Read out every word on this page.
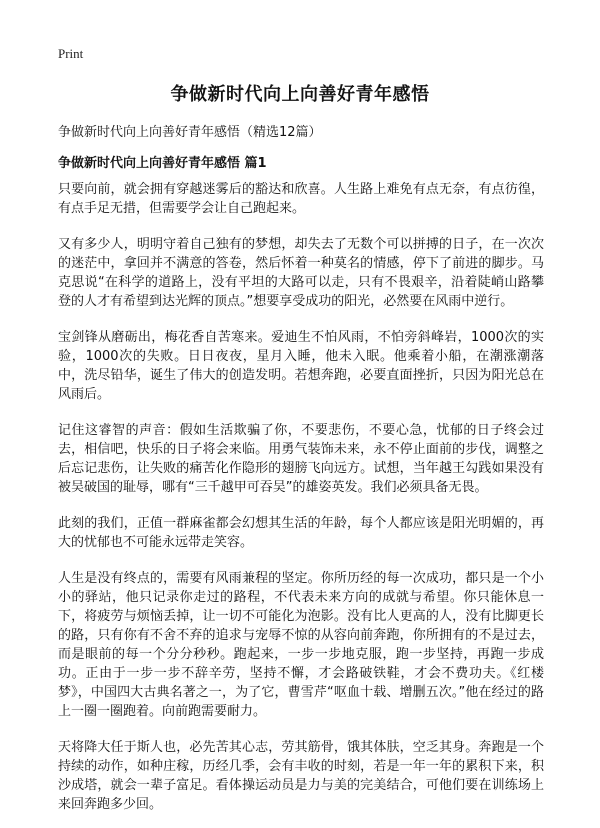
Print
争做新时代向上向善好青年感悟
争做新时代向上向善好青年感悟（精选12篇）
争做新时代向上向善好青年感悟 篇1

只要向前，就会拥有穿越迷雾后的豁达和欣喜。人生路上难免有点无奈，有点彷徨，有点手足无措，但需要学会让自己跑起来。

又有多少人，明明守着自己独有的梦想，却失去了无数个可以拼搏的日子，在一次次的迷茫中，拿回并不满意的答卷，然后怀着一种莫名的情感，停下了前进的脚步。马克思说“在科学的道路上，没有平坦的大路可以走，只有不畏艰辛，沿着陡峭山路攀登的人才有希望到达光辉的顶点。”想要享受成功的阳光，必然要在风雨中逆行。

宝剑锋从磨砺出，梅花香自苦寒来。爱迪生不怕风雨，不怕旁斜峰岩，1000次的实验，1000次的失败。日日夜夜，星月入睡，他未入眠。他乘着小船，在潮涨潮落中，洗尽铅华，诞生了伟大的创造发明。若想奔跑，必要直面挫折，只因为阳光总在风雨后。

记住这睿智的声音：假如生活欺骗了你，不要悲伤，不要心急，忧郁的日子终会过去，相信吧，快乐的日子将会来临。用勇气装饰未来，永不停止面前的步伐，调整之后忘记悲伤，让失败的痛苦化作隐形的翅膀飞向远方。试想，当年越王勾践如果没有被吴破国的耻辱，哪有“三千越甲可吞吴”的雄姿英发。我们必须具备无畏。

此刻的我们，正值一群麻雀都会幻想其生活的年龄，每个人都应该是阳光明媚的，再大的忧郁也不可能永远带走笑容。

人生是没有终点的，需要有风雨兼程的坚定。你所历经的每一次成功，都只是一个小小的驿站，他只记录你走过的路程，不代表未来方向的成就与希望。你只能休息一下，将疲劳与烦恼丢掉，让一切不可能化为泡影。没有比人更高的人，没有比脚更长的路，只有你有不舍不弃的追求与宠辱不惊的从容向前奔跑，你所拥有的不是过去，而是眼前的每一个分分秒秒。跑起来，一步一步地克服，跑一步坚持，再跑一步成功。正由于一步一步不辞辛劳，坚持不懈，才会路破铁鞋，才会不费功夫。《红楼梦》，中国四大古典名著之一，为了它，曹雪芹“呕血十载、增删五次。”他在经过的路上一圈一圈跑着。向前跑需要耐力。

天将降大任于斯人也，必先苦其心志，劳其筋骨，饿其体肤，空乏其身。奔跑是一个持续的动作，如种庄稼，历经几季，会有丰收的时刻，若是一年一年的累积下来，积沙成塔，就会一辈子富足。看体操运动员是力与美的完美结合，可他们要在训练场上来回奔跑多少回。
